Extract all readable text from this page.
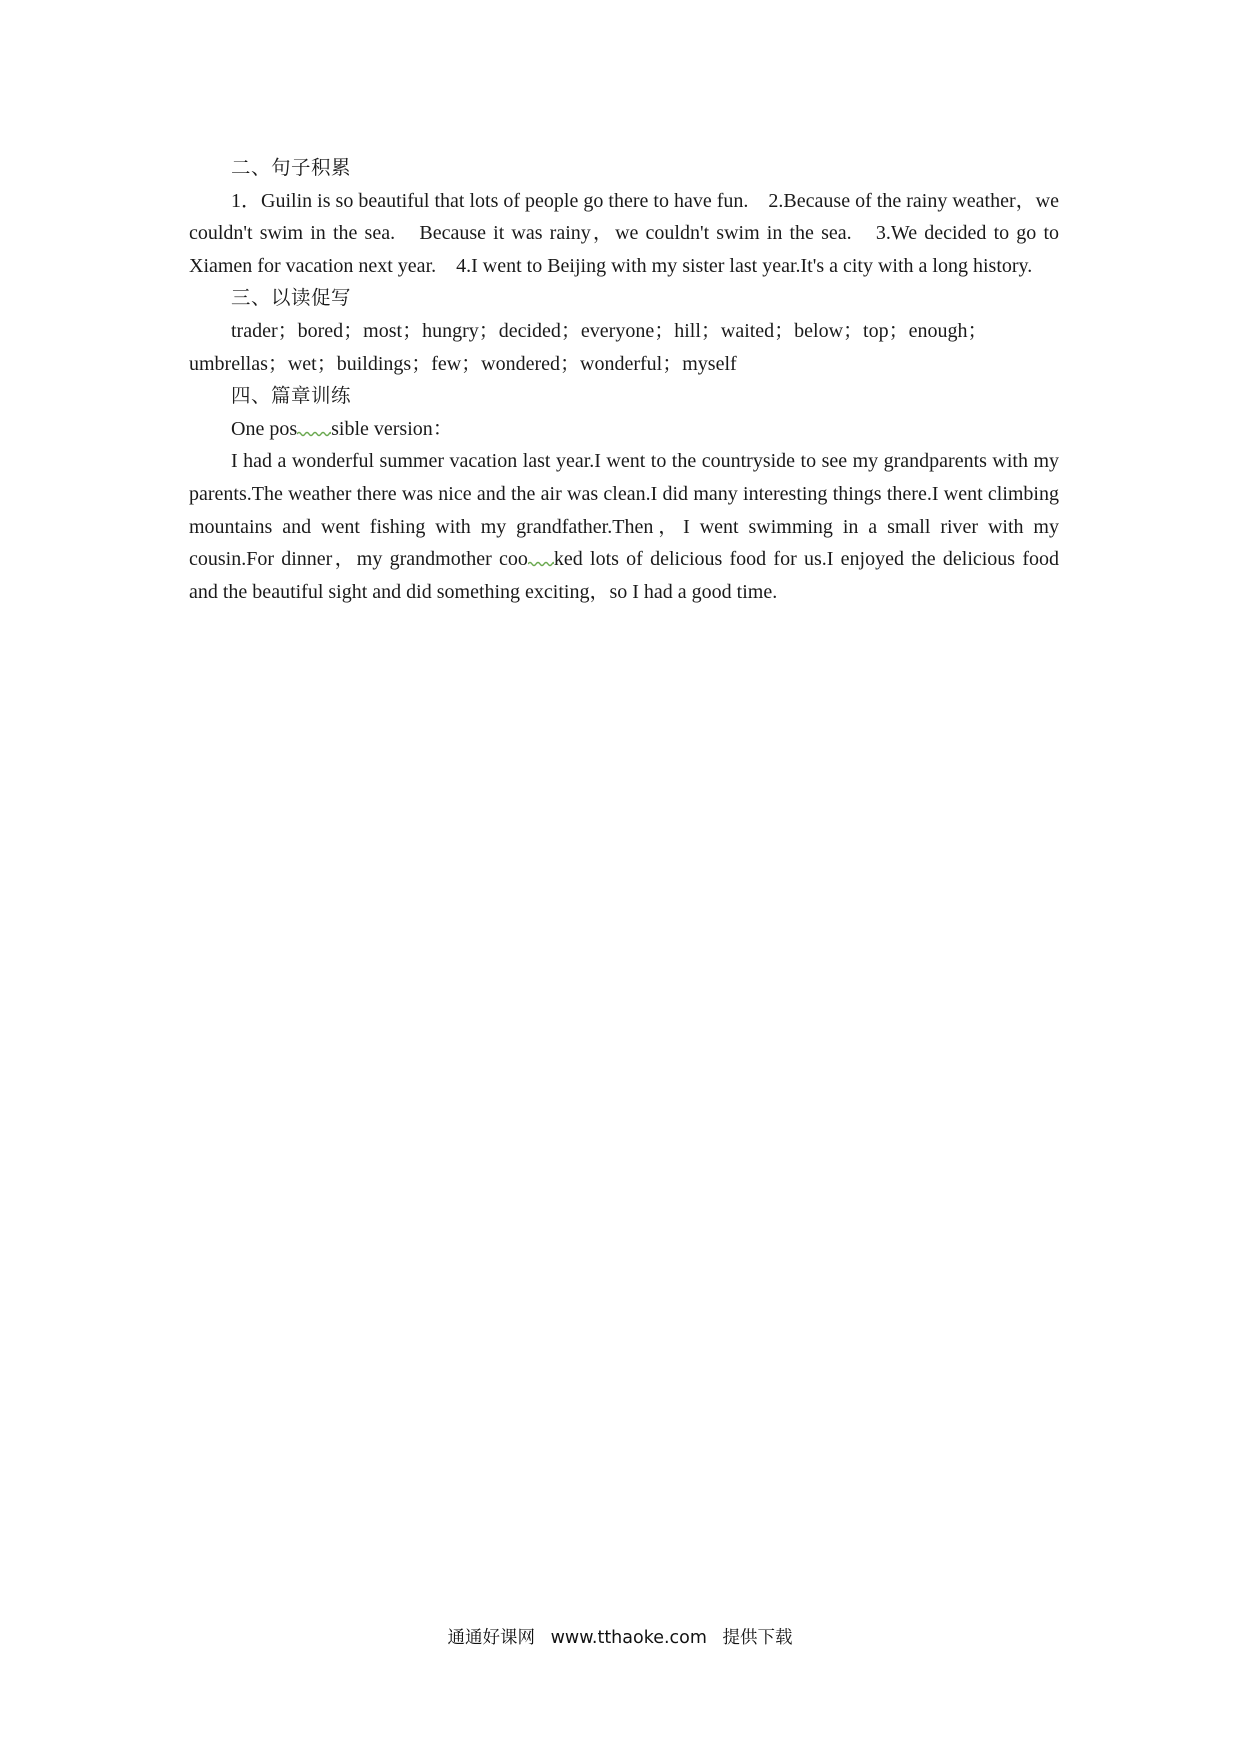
二、句子积累

1．Guilin is so beautiful that lots of people go there to have fun.　2.Because of the rainy weather，we couldn't swim in the sea.　Because it was rainy，we couldn't swim in the sea.　3.We decided to go to Xiamen for vacation next year.　4.I went to Beijing with my sister last year.It's a city with a long history.

三、以读促写

trader；bored；most；hungry；decided；everyone；hill；waited；below；top；enough；umbrellas；wet；buildings；few；wondered；wonderful；myself

四、篇章训练

One pos sible version：

I had a wonderful summer vacation last year.I went to the countryside to see my grandparents with my parents.The weather there was nice and the air was clean.I did many interesting things there.I went climbing mountains and went fishing with my grandfather.Then，I went swimming in a small river with my cousin.For dinner，my grandmother coo ked lots of delicious food for us.I enjoyed the delicious food and the beautiful sight and did something exciting，so I had a good time.

通通好课网 www.tthaoke.com 提供下载
